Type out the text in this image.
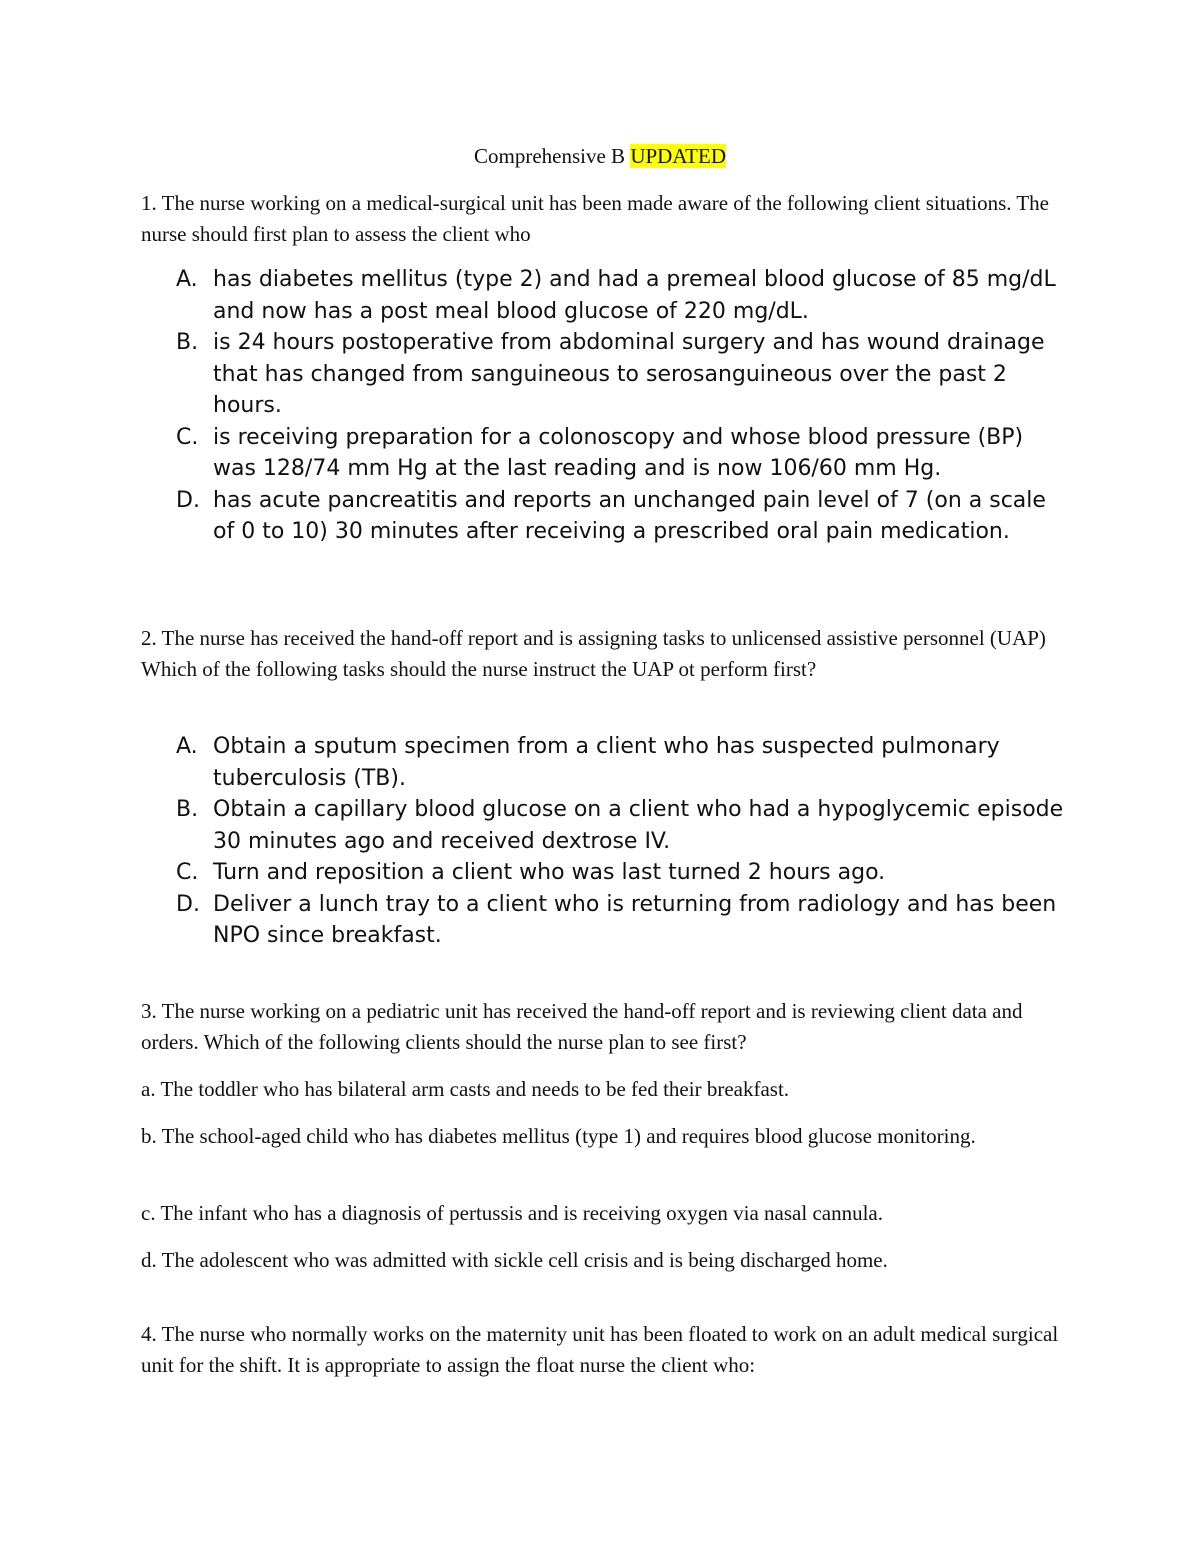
Comprehensive B UPDATED

1. The nurse working on a medical-surgical unit has been made aware of the following client situations. The nurse should first plan to assess the client who

A. has diabetes mellitus (type 2) and had a premeal blood glucose of 85 mg/dL and now has a post meal blood glucose of 220 mg/dL.
B. is 24 hours postoperative from abdominal surgery and has wound drainage that has changed from sanguineous to serosanguineous over the past 2 hours.
C. is receiving preparation for a colonoscopy and whose blood pressure (BP) was 128/74 mm Hg at the last reading and is now 106/60 mm Hg.
D. has acute pancreatitis and reports an unchanged pain level of 7 (on a scale of 0 to 10) 30 minutes after receiving a prescribed oral pain medication.

2. The nurse has received the hand-off report and is assigning tasks to unlicensed assistive personnel (UAP) Which of the following tasks should the nurse instruct the UAP ot perform first?

A. Obtain a sputum specimen from a client who has suspected pulmonary tuberculosis (TB).
B. Obtain a capillary blood glucose on a client who had a hypoglycemic episode 30 minutes ago and received dextrose IV.
C. Turn and reposition a client who was last turned 2 hours ago.
D. Deliver a lunch tray to a client who is returning from radiology and has been NPO since breakfast.

3. The nurse working on a pediatric unit has received the hand-off report and is reviewing client data and orders. Which of the following clients should the nurse plan to see first?

a. The toddler who has bilateral arm casts and needs to be fed their breakfast.

b. The school-aged child who has diabetes mellitus (type 1) and requires blood glucose monitoring.

c. The infant who has a diagnosis of pertussis and is receiving oxygen via nasal cannula.

d. The adolescent who was admitted with sickle cell crisis and is being discharged home.

4. The nurse who normally works on the maternity unit has been floated to work on an adult medical surgical unit for the shift. It is appropriate to assign the float nurse the client who:
